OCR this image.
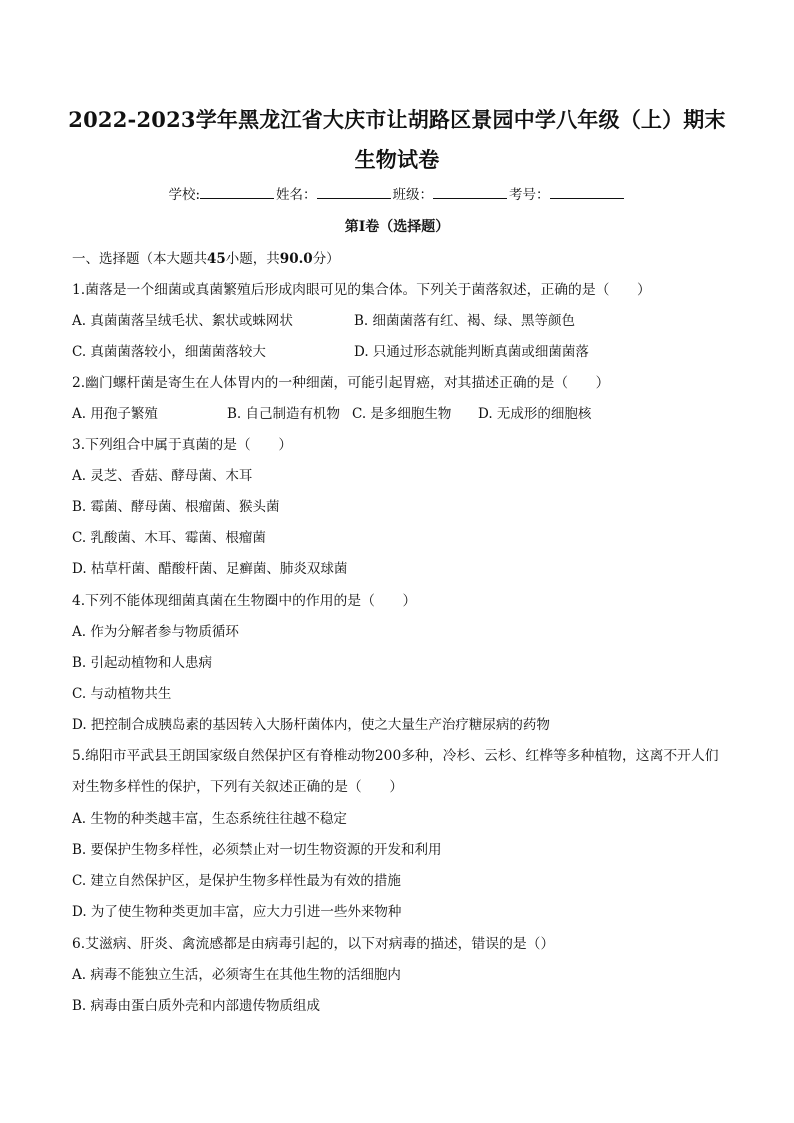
2022-2023学年黑龙江省大庆市让胡路区景园中学八年级（上）期末生物试卷
学校:	姓名：	班级：	考号：
第I卷（选择题）
一、选择题（本大题共45小题，共90.0分）
1.菌落是一个细菌或真菌繁殖后形成肉眼可见的集合体。下列关于菌落叙述，正确的是（　　）
A. 真菌菌落呈绒毛状、絮状或蛛网状	B. 细菌菌落有红、褐、绿、黑等颜色
C. 真菌菌落较小，细菌菌落较大	D. 只通过形态就能判断真菌或细菌菌落
2.幽门螺杆菌是寄生在人体胃内的一种细菌，可能引起胃癌，对其描述正确的是（　　）
A. 用孢子繁殖	B. 自己制造有机物 C. 是多细胞生物 D. 无成形的细胞核
3.下列组合中属于真菌的是（　　）
A. 灵芝、香菇、酵母菌、木耳
B. 霉菌、酵母菌、根瘤菌、猴头菌
C. 乳酸菌、木耳、霉菌、根瘤菌
D. 枯草杆菌、醋酸杆菌、足癣菌、肺炎双球菌
4.下列不能体现细菌真菌在生物圈中的作用的是（　　）
A. 作为分解者参与物质循环
B. 引起动植物和人患病
C. 与动植物共生
D. 把控制合成胰岛素的基因转入大肠杆菌体内，使之大量生产治疗糖尿病的药物
5.绵阳市平武县王朗国家级自然保护区有脊椎动物200多种，冷杉、云杉、红桦等多种植物，这离不开人们对生物多样性的保护，下列有关叙述正确的是（　　）
A. 生物的种类越丰富，生态系统往往越不稳定
B. 要保护生物多样性，必须禁止对一切生物资源的开发和利用
C. 建立自然保护区，是保护生物多样性最为有效的措施
D. 为了使生物种类更加丰富，应大力引进一些外来物种
6.艾滋病、肝炎、禽流感都是由病毒引起的，以下对病毒的描述，错误的是（）
A. 病毒不能独立生活，必须寄生在其他生物的活细胞内
B. 病毒由蛋白质外壳和内部遗传物质组成
